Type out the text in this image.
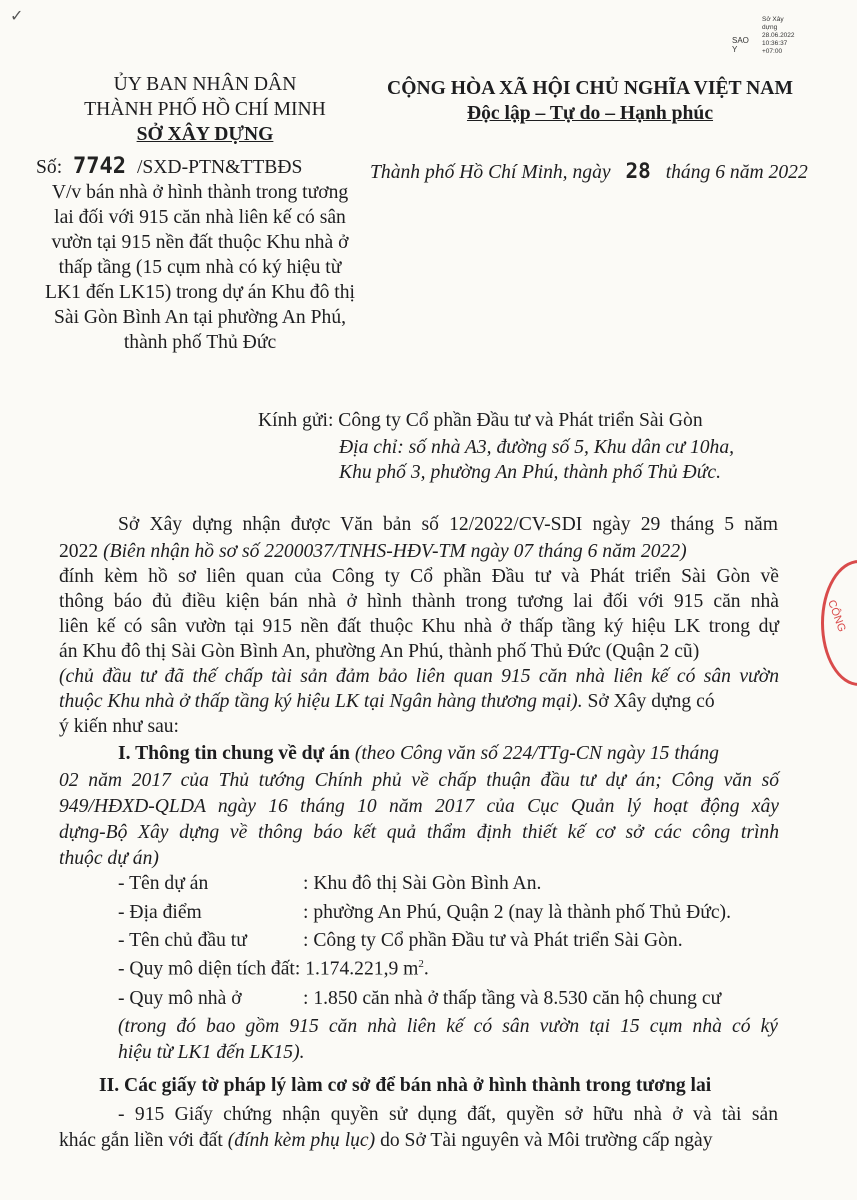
✓
SAO Y
Sở Xây dựng
28.06.2022
10:36:37
+07:00
ỦY BAN NHÂN DÂN
THÀNH PHỐ HỒ CHÍ MINH
SỞ XÂY DỰNG
Số: 7742 /SXD-PTN&TTBĐS
V/v bán nhà ở hình thành trong tương
lai đối với 915 căn nhà liên kế có sân
vườn tại 915 nền đất thuộc Khu nhà ở
thấp tầng (15 cụm nhà có ký hiệu từ
LK1 đến LK15) trong dự án Khu đô thị
Sài Gòn Bình An tại phường An Phú,
thành phố Thủ Đức
CỘNG HÒA XÃ HỘI CHỦ NGHĨA VIỆT NAM
Độc lập – Tự do – Hạnh phúc
Thành phố Hồ Chí Minh, ngày 28 tháng 6 năm 2022
Kính gửi: Công ty Cổ phần Đầu tư và Phát triển Sài Gòn
Địa chỉ: số nhà A3, đường số 5, Khu dân cư 10ha,
Khu phố 3, phường An Phú, thành phố Thủ Đức.
Sở Xây dựng nhận được Văn bản số 12/2022/CV-SDI ngày 29 tháng 5 năm
2022 (Biên nhận hồ sơ số 2200037/TNHS-HĐV-TM ngày 07 tháng 6 năm 2022)
đính kèm hồ sơ liên quan của Công ty Cổ phần Đầu tư và Phát triển Sài Gòn về
thông báo đủ điều kiện bán nhà ở hình thành trong tương lai đối với 915 căn nhà
liên kế có sân vườn tại 915 nền đất thuộc Khu nhà ở thấp tầng ký hiệu LK trong dự
án Khu đô thị Sài Gòn Bình An, phường An Phú, thành phố Thủ Đức (Quận 2 cũ)
(chủ đầu tư đã thế chấp tài sản đảm bảo liên quan 915 căn nhà liên kế có sân vườn
thuộc Khu nhà ở thấp tầng ký hiệu LK tại Ngân hàng thương mại). Sở Xây dựng có
ý kiến như sau:
I. Thông tin chung về dự án (theo Công văn số 224/TTg-CN ngày 15 tháng
02 năm 2017 của Thủ tướng Chính phủ về chấp thuận đầu tư dự án; Công văn số
949/HĐXD-QLDA ngày 16 tháng 10 năm 2017 của Cục Quản lý hoạt động xây
dựng-Bộ Xây dựng về thông báo kết quả thẩm định thiết kế cơ sở các công trình
thuộc dự án)
- Tên dự án	: Khu đô thị Sài Gòn Bình An.
- Địa điểm	: phường An Phú, Quận 2 (nay là thành phố Thủ Đức).
- Tên chủ đầu tư	: Công ty Cổ phần Đầu tư và Phát triển Sài Gòn.
- Quy mô diện tích đất: 1.174.221,9 $m^2$.
- Quy mô nhà ở	: 1.850 căn nhà ở thấp tầng và 8.530 căn hộ chung cư
(trong đó bao gồm 915 căn nhà liên kế có sân vườn tại 15 cụm nhà có ký
hiệu từ LK1 đến LK15).
II. Các giấy tờ pháp lý làm cơ sở để bán nhà ở hình thành trong tương lai
- 915 Giấy chứng nhận quyền sử dụng đất, quyền sở hữu nhà ở và tài sản
khác gắn liền với đất (đính kèm phụ lục) do Sở Tài nguyên và Môi trường cấp ngày
CÔNG
